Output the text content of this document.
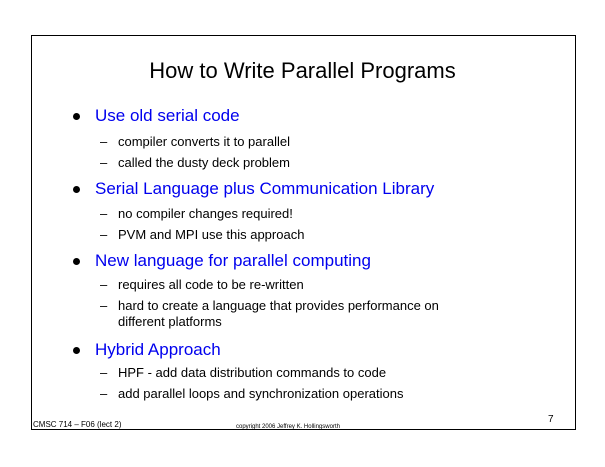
How to Write Parallel Programs
Use old serial code
– compiler converts it to parallel
– called the dusty deck problem
Serial Language plus Communication Library
– no compiler changes required!
– PVM and MPI use this approach
New language for parallel computing
– requires all code to be re-written
– hard to create a language that provides performance on
different platforms
Hybrid Approach
– HPF - add data distribution commands to code
– add parallel loops and synchronization operations
CMSC 714 – F06 (lect 2)	copyright 2006 Jeffrey K. Hollingsworth
7
